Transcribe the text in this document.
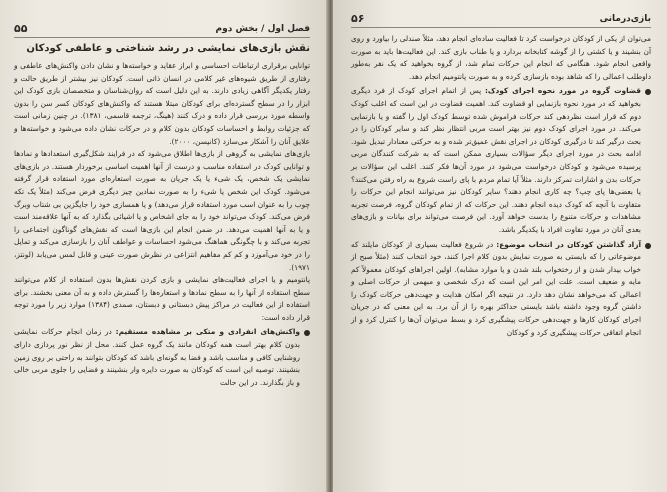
فصل اول / بخش دوم
۵۵
نقش بازی‌های نمایشی در رشد شناختی و عاطفی کودکان

توانایی برقراری ارتباطات احساسی و ابراز عقاید و خواسته‌ها و نشان دادن واکنش‌های عاطفی و رفتاری از طریق شیوه‌های غیر کلامی در انسان ذاتی است. کودکان نیز بیشتر از طریق حالت و رفتار یکدیگر آگاهی زیادی دارند. به این دلیل است که روان‌شناسان و متخصصان بازی کودک این ابزار را در سطح گسترده‌ای برای کودکان مبتلا هستند که واکنش‌های کودکان کسر سن را بدون واسطه مورد بررسی قرار داده و درک کنند (هینگ، ترجمه قاسمی، ۱۳۸۱). در چنین زمانی است که جزئیات روابط و احساسات کودکان بدون کلام و در حرکات نشان داده می‌شود و خواسته‌ها و علایق آنان را آشکار می‌سازد (کانیسن، ۲۰۰۰).

بازی‌های نمایشی به گروهی از بازی‌ها اطلاق می‌شود که در فرایند شکل‌گیری استعدادها و نمادها و توانایی کودک در استفاده مناسب و درست از آنها اهمیت اساسی برخوردار هستند. در بازی‌های نمایشی یک شخص، یک شیء یا یک جریان به صورت استعاره‌ای مورد استفاده قرار گرفته می‌شود. کودک این شخص یا شیء را به صورت نمادین چیز دیگری فرض می‌کند (مثلاً یک تکه چوب را به عنوان اسب مورد استفاده قرار می‌دهد) و یا همسازی خود را جایگزین بی شتاب وبرگ فرض می‌کند. کودک می‌تواند خود را به جای اشخاص و یا اشیائی بگذارد که به آنها علاقه‌مند است و یا به آنها اهمیت می‌دهد. در ضمن انجام این بازی‌ها است که نقش‌های گوناگون اجتماعی را تجربه می‌کند و با چگونگی هماهنگ می‌شود احساسات و عواطف آنان را بازسازی می‌کند و تمایل را در خود می‌آموزد و کم کم مفاهیم انتزاعی در نظرش صورت عینی و قابل لمس می‌یابد (لونتز، ۱۹۷۱).

پانتومیم و یا اجرای فعالیت‌های نمایشی و بازی کردن نقش‌ها بدون استفاده از کلام می‌توانند سطح استفاده از آنها را به سطح نمادها و استعاره‌ها را گسترش داده و به آن معنی بخشند. برای استفاده از این فعالیت در مراکز پیش دبستانی و دبستان، صمدی (۱۳۸۴) موارد زیر را مورد توجه قرار داده است:

واکنش‌های انفرادی و متکی بر مشاهده مستقیم: در زمان انجام حرکات نمایشی بدون کلام بهتر است همه کودکان مانند یک گروه عمل کنند. محل از نظر نور پردازی دارای روشنایی کافی و مناسب باشد و فضا به گونه‌ای باشد که کودکان بتوانند به راحتی بر روی زمین بنشینند. توصیه این است که کودکان به صورت دایره وار بنشینند و فضایی را جلوی مربی خالی و باز بگذارند. در این حالت
بازی‌درمانی
۵۶

می‌توان از یکی از کودکان درخواست کرد تا فعالیت ساده‌ای انجام دهد، مثلاً صندلی را بیاورد و روی آن بنشیند و یا کشتی را از گوشه کتابخانه بردارد و یا طناب بازی کند. این فعالیت‌ها باید به صورت واقعی انجام شود. هنگامی که انجام این حرکات تمام شد، از گروه بخواهید که یک نفر به‌طور داوطلب اعمالی را که شاهد بوده بازسازی کرده و به صورت پانتومیم انجام دهد.

قضاوت گروه در مورد نحوه اجرای کودک: پس از اتمام اجرای کودک از فرد دیگری بخواهید که در مورد نحوه بازنمایی او قضاوت کند. اهمیت قضاوت در این است که اغلب کودک دوم که قرار است نظردهی کند حرکات فراموش شده توسط کودک اول را گفته و یا بازنمایی می‌کند. در مورد اجرای کودک دوم نیز بهتر است مربی انتظار نظر کند و سایر کودکان را در بحث درگیر کند تا درگیری کودکان در اجرای نقش عمیق‌تر شده و به حرکتی معنادار تبدیل شود. ادامه بحث در مورد اجرای دیگر سؤالات بسیاری ممکن است که به شرکت کنندگان مربی پرسیده می‌شود و کودکان درخواست می‌شود در مورد آن‌ها فکر کنند. اغلب این سؤالات بر حرکات بدن و اشارات تمرکز دارند. مثلاً آیا تمام مردم با پای راست شروع به راه رفتن می‌کنند؟ یا بعضی‌ها پای چپ؟ چه کاری انجام دهند؟ سایر کودکان نیز می‌توانند انجام این حرکات را متفاوت با آنچه که کودک دیده انجام دهند. این حرکات که از تمام کودکان گروه، فرصت تجربه مشاهدات و حرکات متنوع را بدست خواهد آورد. این فرصت می‌تواند برای بیانات و بازی‌های بعدی آنان در مورد تفاوت افراد با یکدیگر باشد.
آزاد گذاشتن کودکان در انتخاب موضوع: در شروع فعالیت بسیاری از کودکان مایلند که موضوعاتی را که بایستی به صورت نمایش بدون کلام اجرا کنند، خود انتخاب کنند (مثلاً صبح از خواب بیدار شدن و از رختخواب بلند شدن و یا موارد مشابه). اولین اجراهای کودکان معمولاً کم مایه و ضعیف است. علت این امر این است که درک شخصی و مبهمی از حرکات اصلی و اعمالی که می‌خواهد نشان دهد دارد. در نتیجه اگر امکان هدایت و جهت‌دهی حرکات کودک را داشتن گروه وجود داشته باشد بایستی حداکثر بهره را از آن برد. به این معنی که در جریان اجرای کودکان کارها و جهت‌دهی حرکات پیشگیری کرد و بسط می‌توان آن‌ها را کنترل کرد و از انجام اتفاقی حرکات پیشگیری کرد و کودکان
